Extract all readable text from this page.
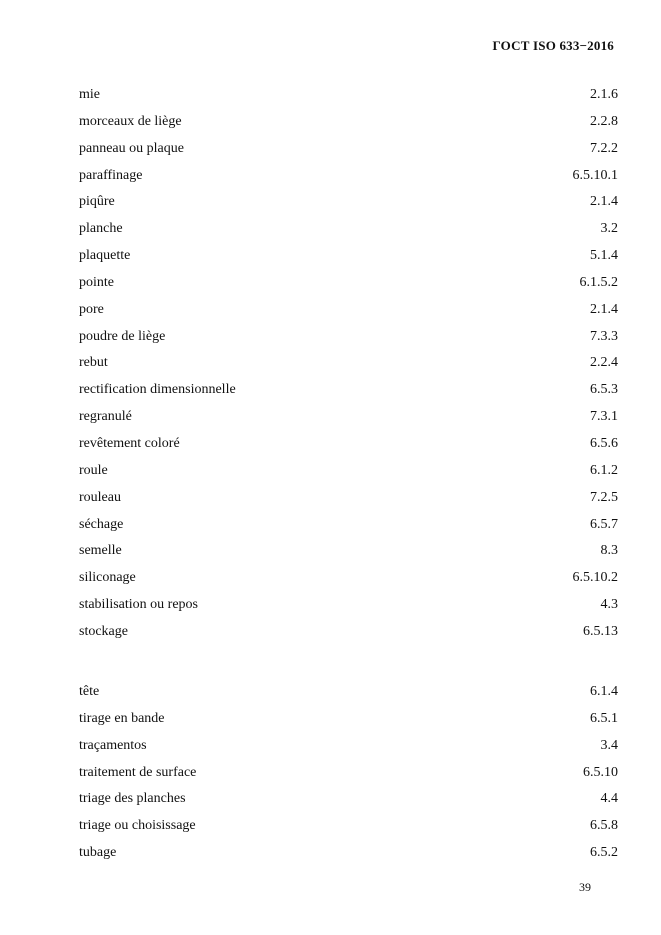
ГОСТ ISO 633−2016
mie	2.1.6
morceaux de liège	2.2.8
panneau ou plaque	7.2.2
paraffinage	6.5.10.1
piqûre	2.1.4
planche	3.2
plaquette	5.1.4
pointe	6.1.5.2
pore	2.1.4
poudre de liège	7.3.3
rebut	2.2.4
rectification dimensionnelle	6.5.3
regranulé	7.3.1
revêtement coloré	6.5.6
roule	6.1.2
rouleau	7.2.5
séchage	6.5.7
semelle	8.3
siliconage	6.5.10.2
stabilisation ou repos	4.3
stockage	6.5.13
tête	6.1.4
tirage en bande	6.5.1
traçamentos	3.4
traitement de surface	6.5.10
triage des planches	4.4
triage ou choisissage	6.5.8
tubage	6.5.2
39
